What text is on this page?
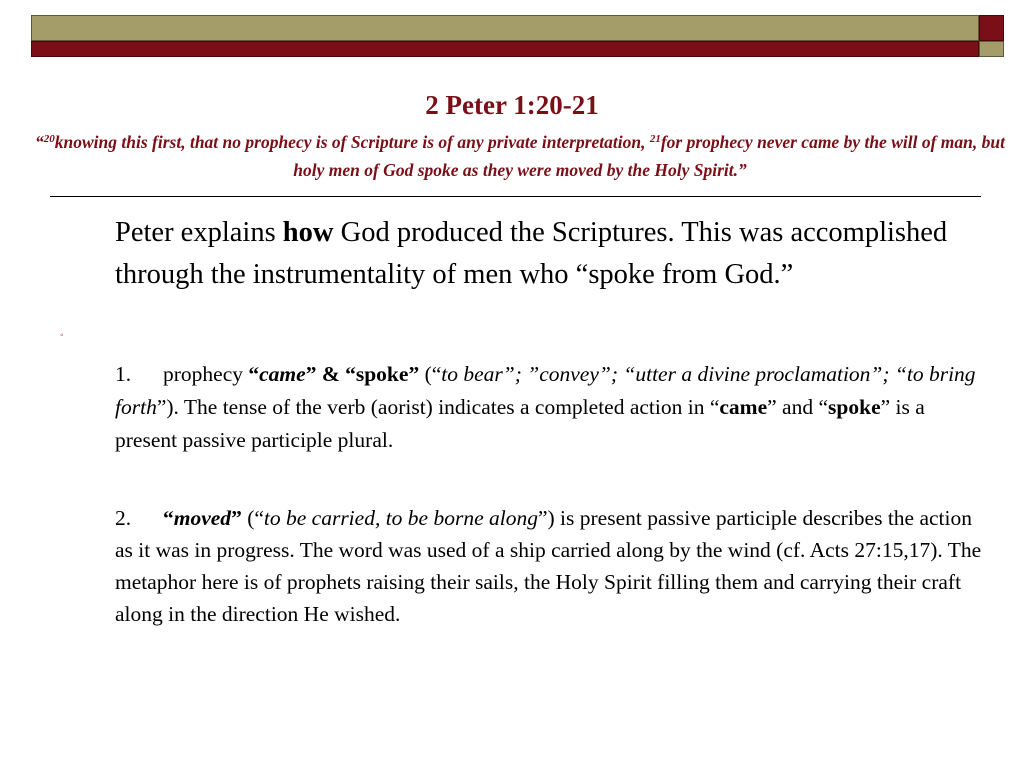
2 Peter 1:20-21

“$^{20}$knowing this first, that no prophecy is of Scripture is of any private interpretation, $^{21}$for prophecy never came by the will of man, but holy men of God spoke as they were moved by the Holy Spirit.”

Peter explains how God produced the Scriptures. This was accomplished through the instrumentality of men who “spoke from God.”

◦

1. prophecy “came” & “spoke” (“to bear”; ”convey”; “utter a divine proclamation”; “to bring forth”). The tense of the verb (aorist) indicates a completed action in “came” and “spoke” is a present passive participle plural.

2. “moved” (“to be carried, to be borne along”) is present passive participle describes the action as it was in progress. The word was used of a ship carried along by the wind (cf. Acts 27:15,17). The metaphor here is of prophets raising their sails, the Holy Spirit filling them and carrying their craft along in the direction He wished.
